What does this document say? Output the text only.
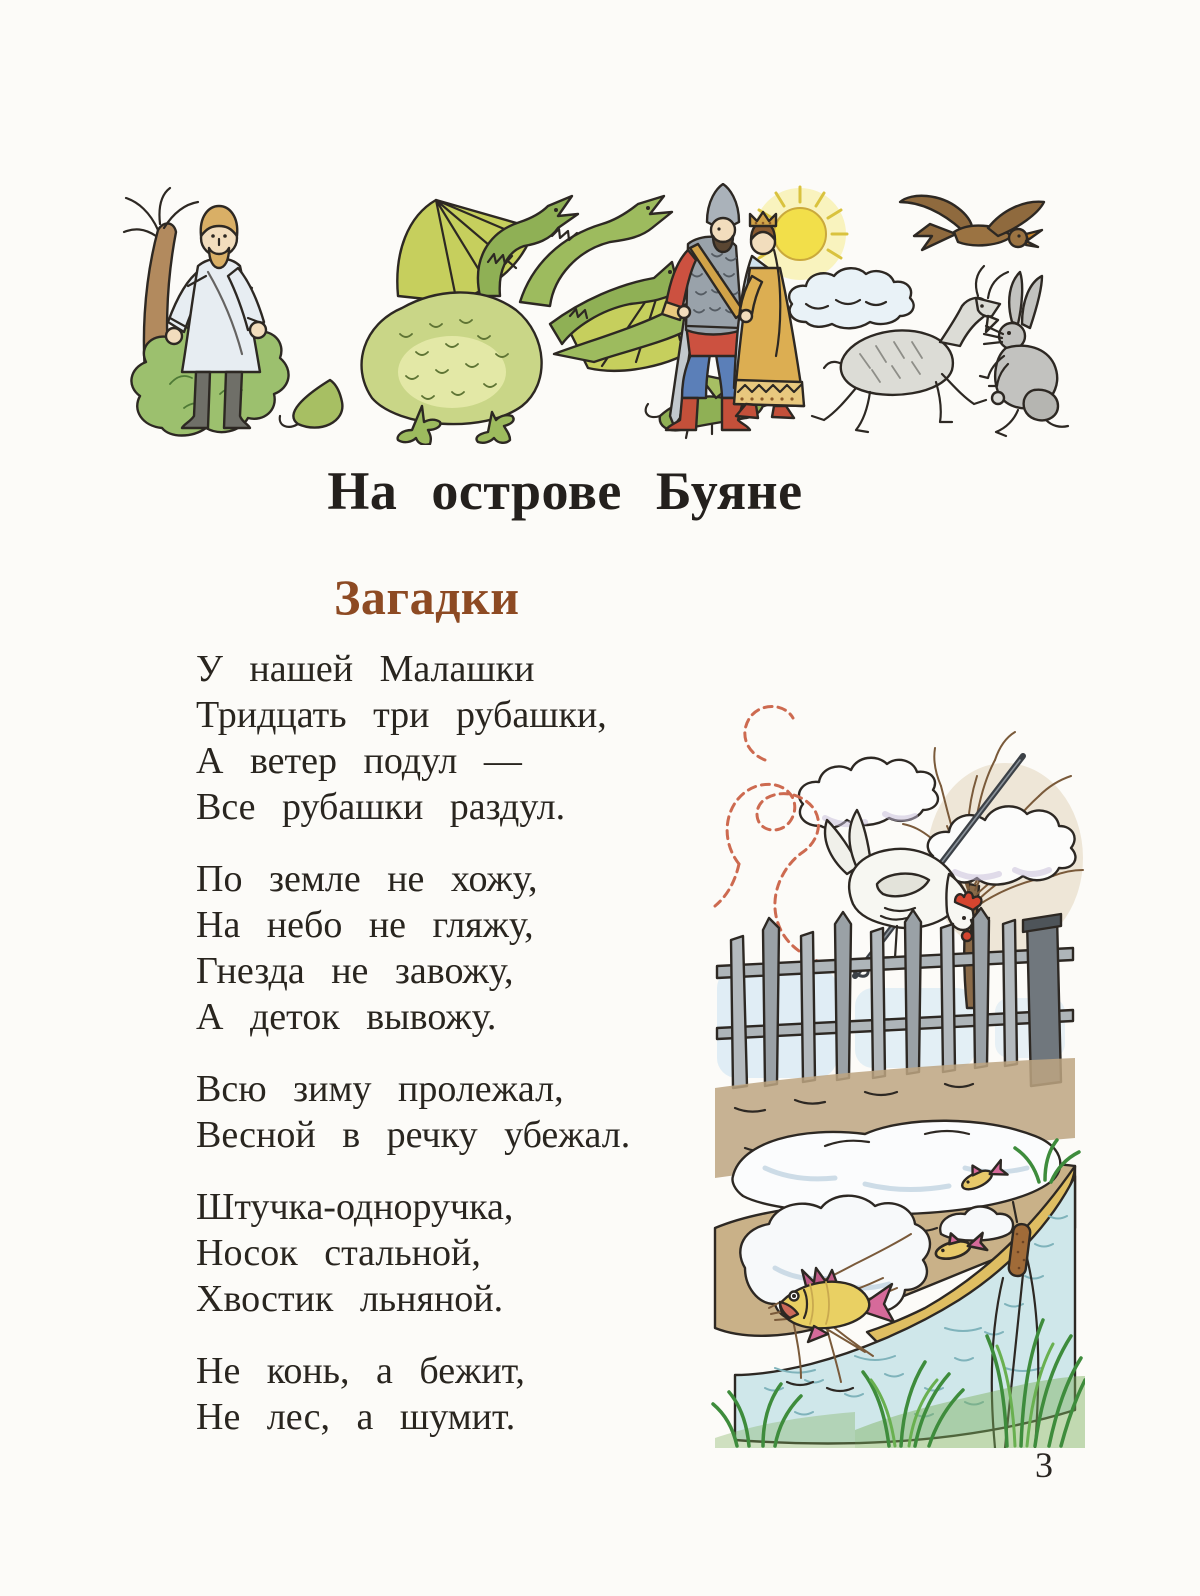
На острове Буяне
Загадки
У нашей Малашки
Тридцать три рубашки,
А ветер подул —
Все рубашки раздул.
По земле не хожу,
На небо не гляжу,
Гнезда не завожу,
А деток вывожу.
Всю зиму пролежал,
Весной в речку убежал.
Штучка-одноручка,
Носок стальной,
Хвостик льняной.
Не конь, а бежит,
Не лес, а шумит.
3
